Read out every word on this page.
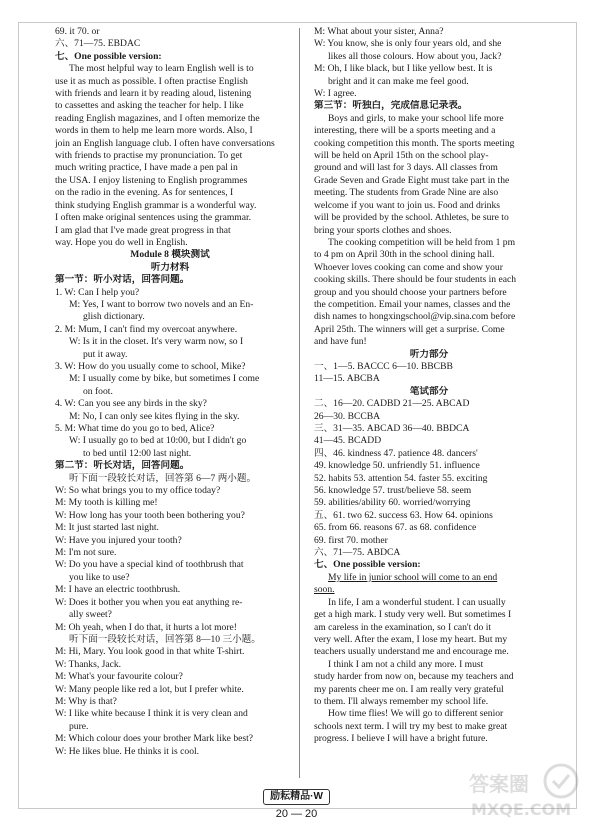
69. it 70. or
六、71—75. EBDAC
七、One possible version:
The most helpful way to learn English well is to
use it as much as possible. I often practise English
with friends and learn it by reading aloud, listening
to cassettes and asking the teacher for help. I like
reading English magazines, and I often memorize the
words in them to help me learn more words. Also, I
join an English language club. I often have conversations
with friends to practise my pronunciation. To get
much writing practice, I have made a pen pal in
the USA. I enjoy listening to English programmes
on the radio in the evening. As for sentences, I
think studying English grammar is a wonderful way.
I often make original sentences using the grammar.
I am glad that I've made great progress in that
way. Hope you do well in English.
Module 8 模块测试
听力材料
第一节：听小对话，回答问题。
1. W: Can I help you?
M: Yes, I want to borrow two novels and an En-
glish dictionary.
2. M: Mum, I can't find my overcoat anywhere.
W: Is it in the closet. It's very warm now, so I
put it away.
3. W: How do you usually come to school, Mike?
M: I usually come by bike, but sometimes I come
on foot.
4. W: Can you see any birds in the sky?
M: No, I can only see kites flying in the sky.
5. M: What time do you go to bed, Alice?
W: I usually go to bed at 10:00, but I didn't go
to bed until 12:00 last night.
第二节：听长对话，回答问题。
听下面一段较长对话，回答第 6—7 两小题。
W: So what brings you to my office today?
M: My tooth is killing me!
W: How long has your tooth been bothering you?
M: It just started last night.
W: Have you injured your tooth?
M: I'm not sure.
W: Do you have a special kind of toothbrush that
you like to use?
M: I have an electric toothbrush.
W: Does it bother you when you eat anything re-
ally sweet?
M: Oh yeah, when I do that, it hurts a lot more!
听下面一段较长对话，回答第 8—10 三小题。
M: Hi, Mary. You look good in that white T-shirt.
W: Thanks, Jack.
M: What's your favourite colour?
W: Many people like red a lot, but I prefer white.
M: Why is that?
W: I like white because I think it is very clean and
pure.
M: Which colour does your brother Mark like best?
W: He likes blue. He thinks it is cool.
M: What about your sister, Anna?
W: You know, she is only four years old, and she
likes all those colours. How about you, Jack?
M: Oh, I like black, but I like yellow best. It is
bright and it can make me feel good.
W: I agree.
第三节：听独白，完成信息记录表。
Boys and girls, to make your school life more
interesting, there will be a sports meeting and a
cooking competition this month. The sports meeting
will be held on April 15th on the school play-
ground and will last for 3 days. All classes from
Grade Seven and Grade Eight must take part in the
meeting. The students from Grade Nine are also
welcome if you want to join us. Food and drinks
will be provided by the school. Athletes, be sure to
bring your sports clothes and shoes.
The cooking competition will be held from 1 pm
to 4 pm on April 30th in the school dining hall.
Whoever loves cooking can come and show your
cooking skills. There should be four students in each
group and you should choose your partners before
the competition. Email your names, classes and the
dish names to hongxingschool@vip.sina.com before
April 25th. The winners will get a surprise. Come
and have fun!
听力部分
一、1—5. BACCC 6—10. BBCBB
11—15. ABCBA
笔试部分
二、16—20. CADBD 21—25. ABCAD
26—30. BCCBA
三、31—35. ABCAD 36—40. BBDCA
41—45. BCADD
四、46. kindness 47. patience 48. dancers'
49. knowledge 50. unfriendly 51. influence
52. habits 53. attention 54. faster 55. exciting
56. knowledge 57. trust/believe 58. seem
59. abilities/ability 60. worried/worrying
五、61. two 62. success 63. How 64. opinions
65. from 66. reasons 67. as 68. confidence
69. first 70. mother
六、71—75. ABDCA
七、One possible version:
My life in junior school will come to an end
soon.
In life, I am a wonderful student. I can usually
get a high mark. I study very well. But sometimes I
am careless in the examination, so I can't do it
very well. After the exam, I lose my heart. But my
teachers usually understand me and encourage me.
I think I am not a child any more. I must
study harder from now on, because my teachers and
my parents cheer me on. I am really very grateful
to them. I'll always remember my school life.
How time flies! We will go to different senior
schools next term. I will try my best to make great
progress. I believe I will have a bright future.
励耘精品·W
20 — 20
答案圈
MXQE.COM
